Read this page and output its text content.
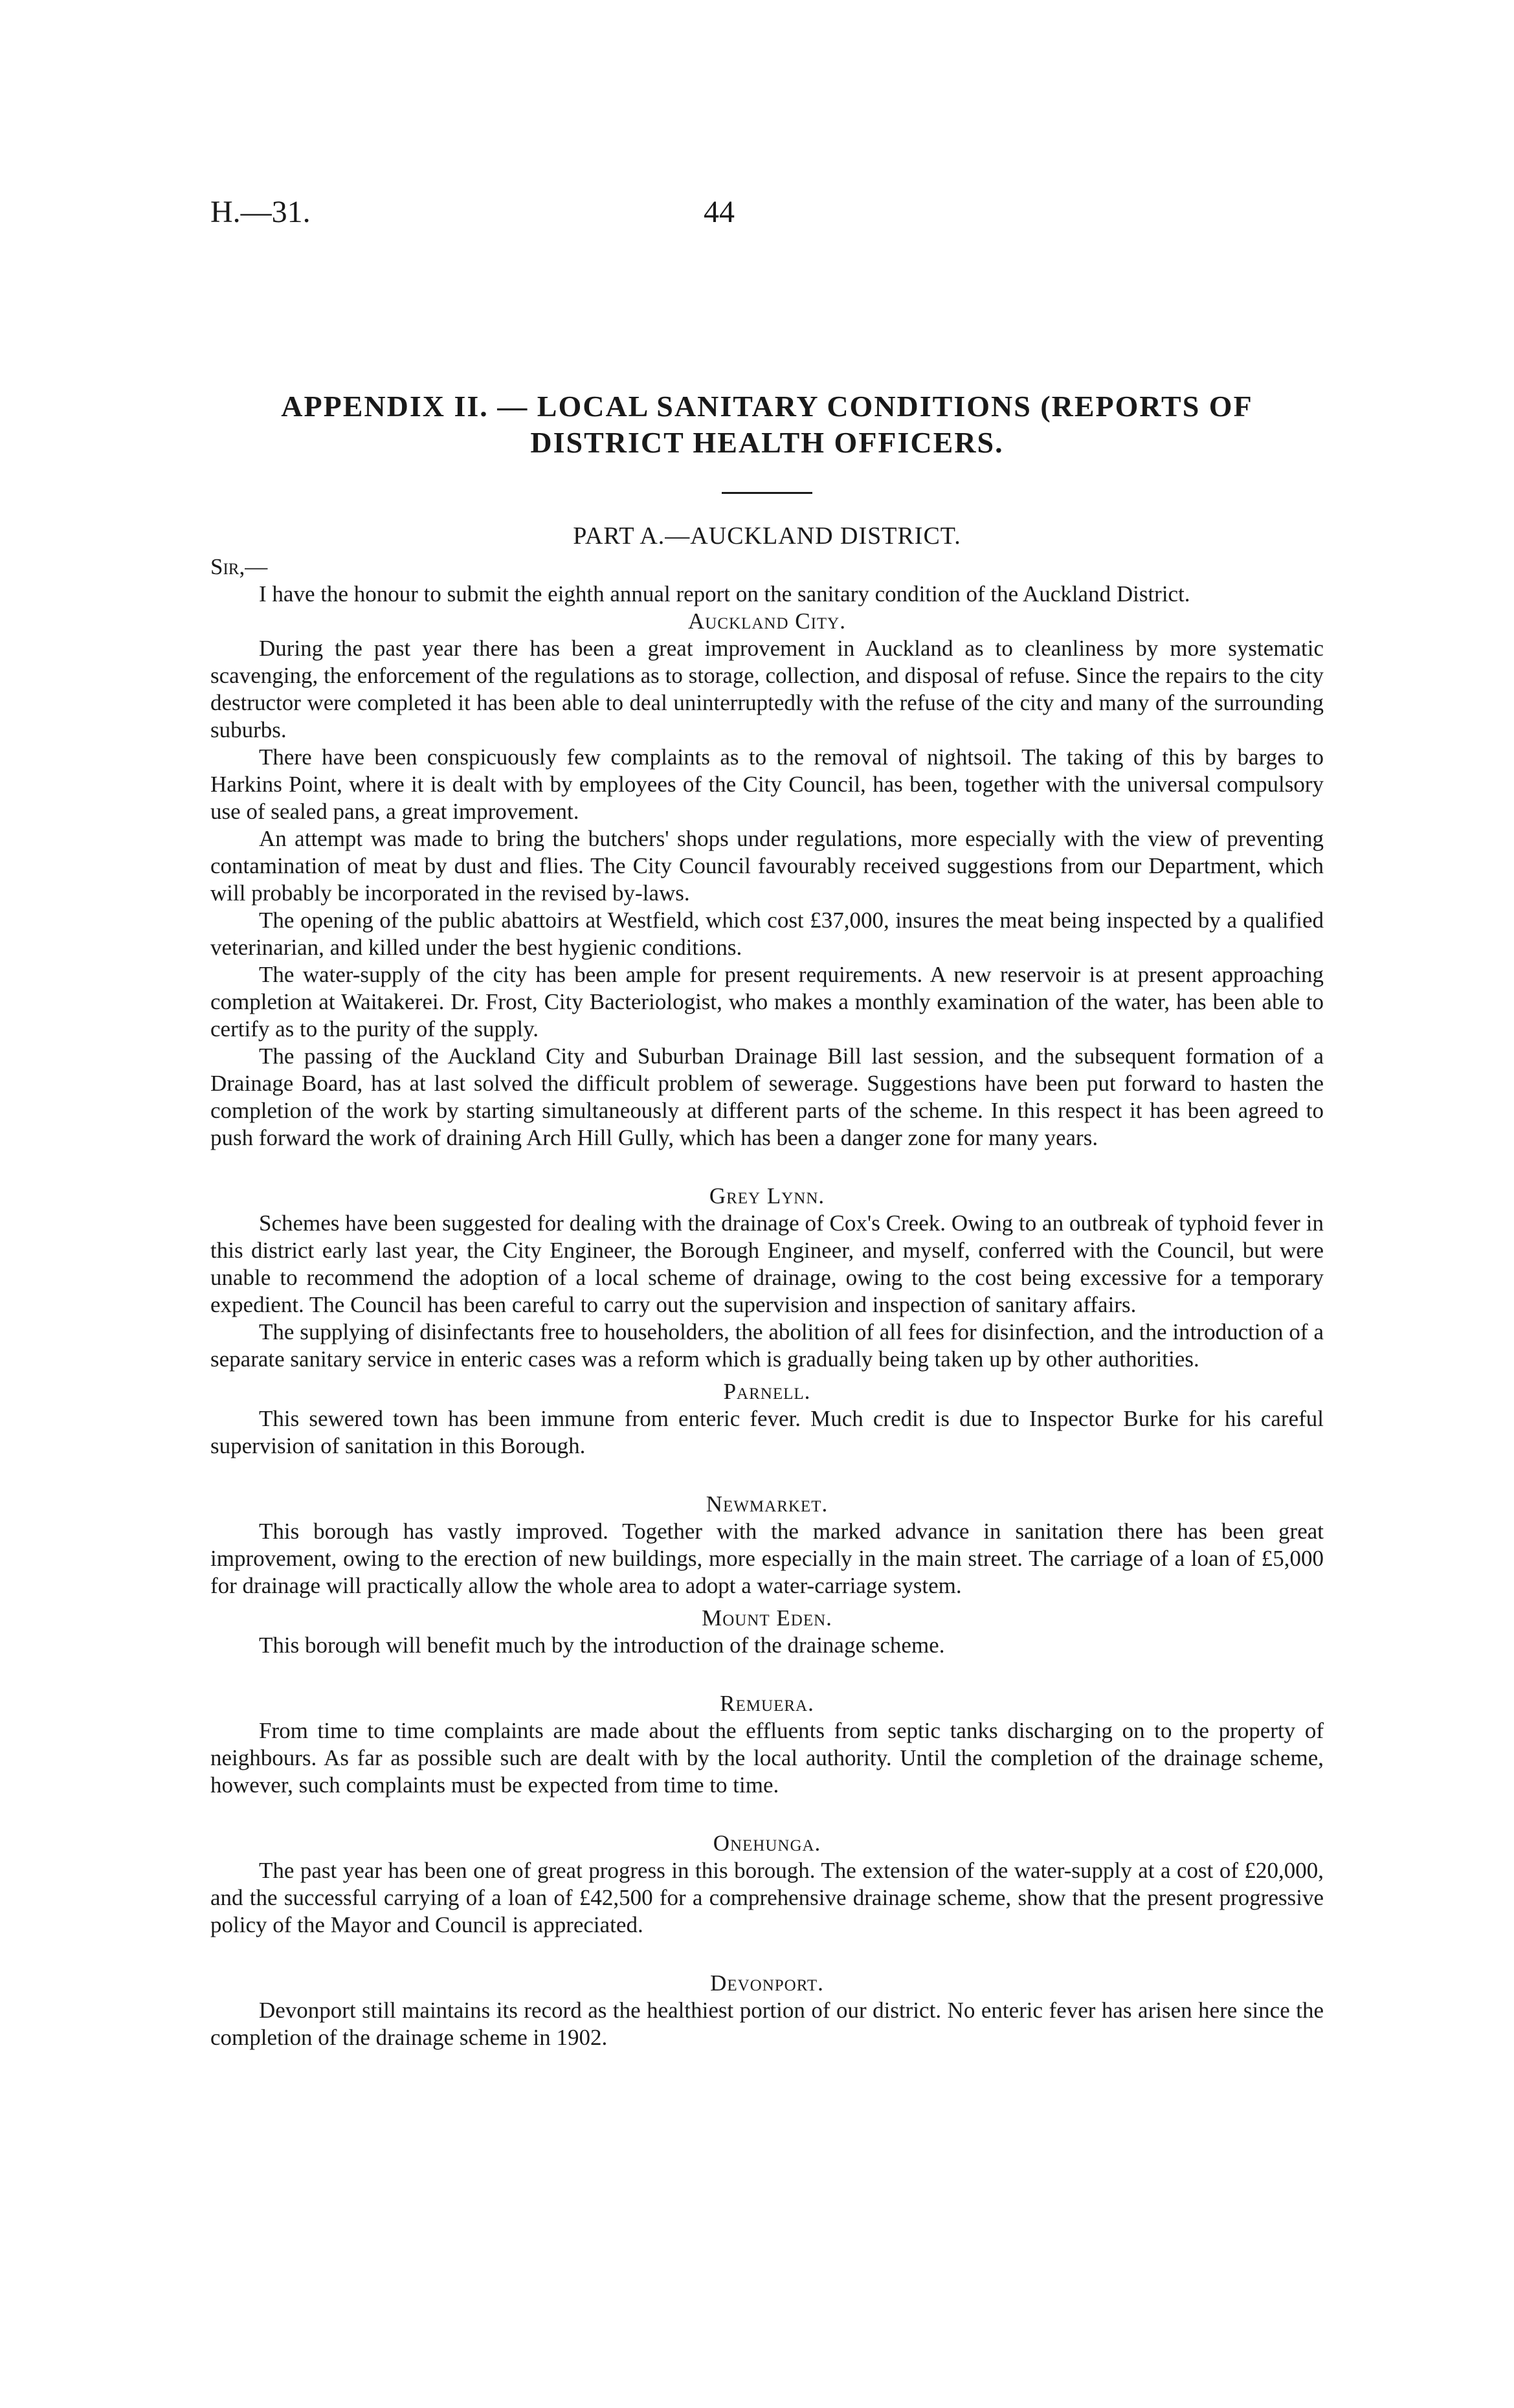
H.—31.	44
APPENDIX II. — LOCAL SANITARY CONDITIONS (REPORTS OF
DISTRICT HEALTH OFFICERS.
PART A.—AUCKLAND DISTRICT.
Sir,—

I have the honour to submit the eighth annual report on the sanitary condition of the Auckland District.

Auckland City.

During the past year there has been a great improvement in Auckland as to cleanliness by more systematic scavenging, the enforcement of the regulations as to storage, collection, and disposal of refuse. Since the repairs to the city destructor were completed it has been able to deal uninterruptedly with the refuse of the city and many of the surrounding suburbs.

There have been conspicuously few complaints as to the removal of nightsoil. The taking of this by barges to Harkins Point, where it is dealt with by employees of the City Council, has been, together with the universal compulsory use of sealed pans, a great improvement.

An attempt was made to bring the butchers' shops under regulations, more especially with the view of preventing contamination of meat by dust and flies. The City Council favourably received suggestions from our Department, which will probably be incorporated in the revised by-laws.

The opening of the public abattoirs at Westfield, which cost £37,000, insures the meat being inspected by a qualified veterinarian, and killed under the best hygienic conditions.

The water-supply of the city has been ample for present requirements. A new reservoir is at present approaching completion at Waitakerei. Dr. Frost, City Bacteriologist, who makes a monthly examination of the water, has been able to certify as to the purity of the supply.

The passing of the Auckland City and Suburban Drainage Bill last session, and the subsequent formation of a Drainage Board, has at last solved the difficult problem of sewerage. Suggestions have been put forward to hasten the completion of the work by starting simultaneously at different parts of the scheme. In this respect it has been agreed to push forward the work of draining Arch Hill Gully, which has been a danger zone for many years.

Grey Lynn.

Schemes have been suggested for dealing with the drainage of Cox's Creek. Owing to an outbreak of typhoid fever in this district early last year, the City Engineer, the Borough Engineer, and myself, conferred with the Council, but were unable to recommend the adoption of a local scheme of drainage, owing to the cost being excessive for a temporary expedient. The Council has been careful to carry out the supervision and inspection of sanitary affairs.

The supplying of disinfectants free to householders, the abolition of all fees for disinfection, and the introduction of a separate sanitary service in enteric cases was a reform which is gradually being taken up by other authorities.

Parnell.

This sewered town has been immune from enteric fever. Much credit is due to Inspector Burke for his careful supervision of sanitation in this Borough.

Newmarket.

This borough has vastly improved. Together with the marked advance in sanitation there has been great improvement, owing to the erection of new buildings, more especially in the main street. The carriage of a loan of £5,000 for drainage will practically allow the whole area to adopt a water-carriage system.

Mount Eden.

This borough will benefit much by the introduction of the drainage scheme.

Remuera.

From time to time complaints are made about the effluents from septic tanks discharging on to the property of neighbours. As far as possible such are dealt with by the local authority. Until the completion of the drainage scheme, however, such complaints must be expected from time to time.

Onehunga.

The past year has been one of great progress in this borough. The extension of the water-supply at a cost of £20,000, and the successful carrying of a loan of £42,500 for a comprehensive drainage scheme, show that the present progressive policy of the Mayor and Council is appreciated.

Devonport.

Devonport still maintains its record as the healthiest portion of our district. No enteric fever has arisen here since the completion of the drainage scheme in 1902.
